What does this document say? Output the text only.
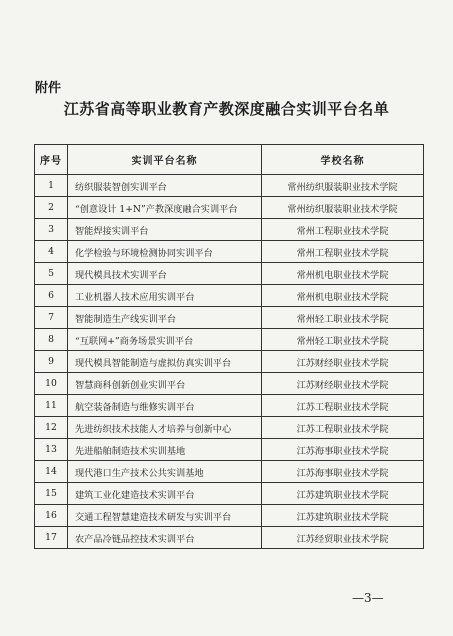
附件
江苏省高等职业教育产教深度融合实训平台名单
序号	实训平台名称	学校名称
1	纺织服装智创实训平台	常州纺织服装职业技术学院
2	“创意设计 1+N”产教深度融合实训平台	常州纺织服装职业技术学院
3	智能焊接实训平台	常州工程职业技术学院
4	化学检验与环境检测协同实训平台	常州工程职业技术学院
5	现代模具技术实训平台	常州机电职业技术学院
6	工业机器人技术应用实训平台	常州机电职业技术学院
7	智能制造生产线实训平台	常州轻工职业技术学院
8	“互联网+”商务场景实训平台	常州轻工职业技术学院
9	现代模具智能制造与虚拟仿真实训平台	江苏财经职业技术学院
10	智慧商科创新创业实训平台	江苏财经职业技术学院
11	航空装备制造与维修实训平台	江苏工程职业技术学院
12	先进纺织技术技能人才培养与创新中心	江苏工程职业技术学院
13	先进船舶制造技术实训基地	江苏海事职业技术学院
14	现代港口生产技术公共实训基地	江苏海事职业技术学院
15	建筑工业化建造技术实训平台	江苏建筑职业技术学院
16	交通工程智慧建造技术研发与实训平台	江苏建筑职业技术学院
17	农产品冷链品控技术实训平台	江苏经贸职业技术学院
—3—
